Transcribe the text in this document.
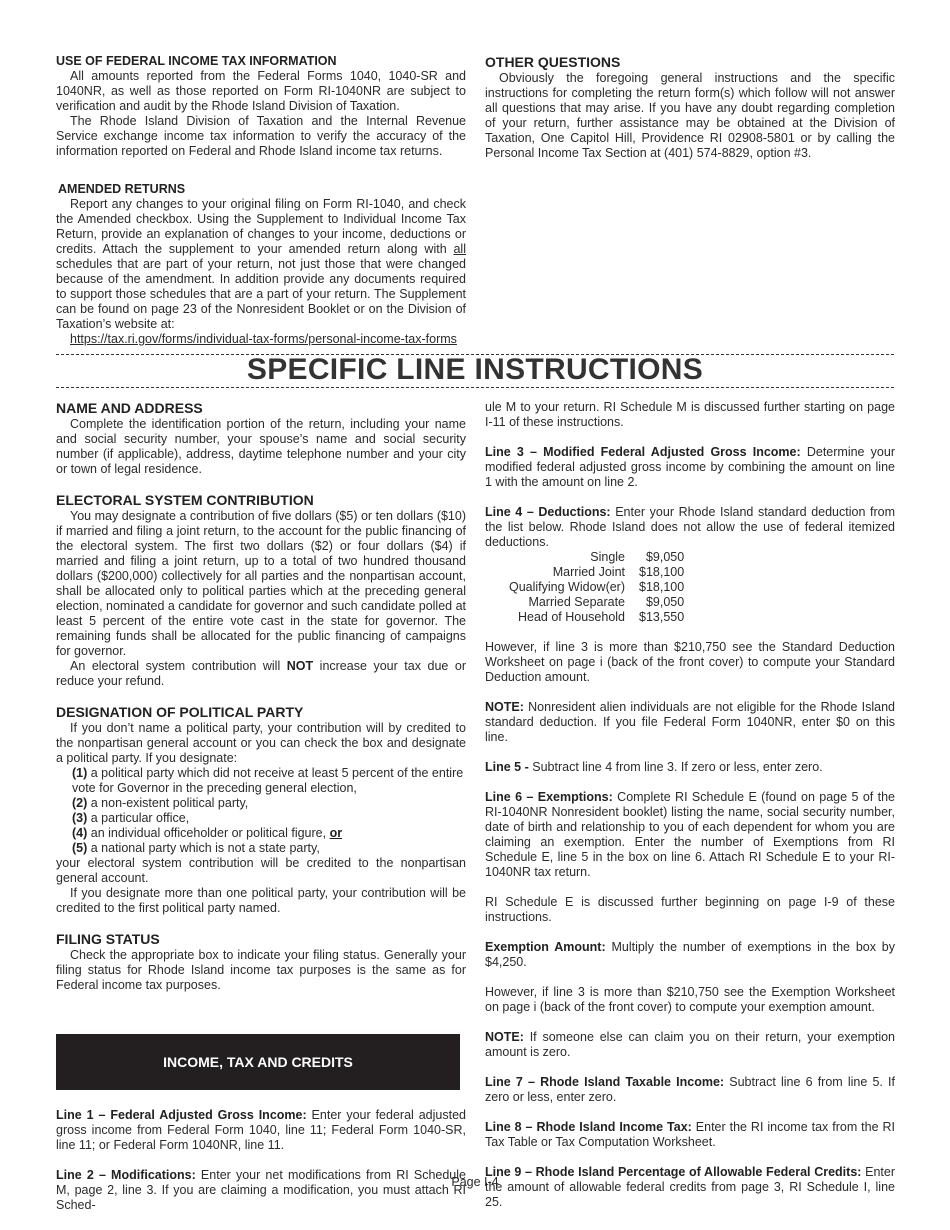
USE OF FEDERAL INCOME TAX INFORMATION

All amounts reported from the Federal Forms 1040, 1040-SR and 1040NR, as well as those reported on Form RI-1040NR are subject to verification and audit by the Rhode Island Division of Taxation.

The Rhode Island Division of Taxation and the Internal Revenue Service exchange income tax information to verify the accuracy of the information reported on Federal and Rhode Island income tax returns.

AMENDED RETURNS

Report any changes to your original filing on Form RI-1040, and check the Amended checkbox. Using the Supplement to Individual Income Tax Return, provide an explanation of changes to your income, deductions or credits. Attach the supplement to your amended return along with all schedules that are part of your return, not just those that were changed because of the amendment. In addition provide any documents required to support those schedules that are a part of your return. The Supplement can be found on page 23 of the Nonresident Booklet or on the Division of Taxation’s website at:

https://tax.ri.gov/forms/individual-tax-forms/personal-income-tax-forms

OTHER QUESTIONS

Obviously the foregoing general instructions and the specific instructions for completing the return form(s) which follow will not answer all questions that may arise. If you have any doubt regarding completion of your return, further assistance may be obtained at the Division of Taxation, One Capitol Hill, Providence RI 02908-5801 or by calling the Personal Income Tax Section at (401) 574-8829, option #3.

SPECIFIC LINE INSTRUCTIONS
NAME AND ADDRESS

Complete the identification portion of the return, including your name and social security number, your spouse’s name and social security number (if applicable), address, daytime telephone number and your city or town of legal residence.

ELECTORAL SYSTEM CONTRIBUTION

You may designate a contribution of five dollars ($5) or ten dollars ($10) if married and filing a joint return, to the account for the public financing of the electoral system. The first two dollars ($2) or four dollars ($4) if married and filing a joint return, up to a total of two hundred thousand dollars ($200,000) collectively for all parties and the nonpartisan account, shall be allocated only to political parties which at the preceding general election, nominated a candidate for governor and such candidate polled at least 5 percent of the entire vote cast in the state for governor. The remaining funds shall be allocated for the public financing of campaigns for governor.

An electoral system contribution will NOT increase your tax due or reduce your refund.

DESIGNATION OF POLITICAL PARTY

If you don’t name a political party, your contribution will by credited to the nonpartisan general account or you can check the box and designate a political party. If you designate:

(1) a political party which did not receive at least 5 percent of the entire
vote for Governor in the preceding general election,
(2) a non-existent political party,
(3) a particular office,
(4) an individual officeholder or political figure, or
(5) a national party which is not a state party,

your electoral system contribution will be credited to the nonpartisan general account.

If you designate more than one political party, your contribution will be credited to the first political party named.

FILING STATUS

Check the appropriate box to indicate your filing status. Generally your filing status for Rhode Island income tax purposes is the same as for Federal income tax purposes.

INCOME, TAX AND CREDITS

Line 1 – Federal Adjusted Gross Income: Enter your federal adjusted gross income from Federal Form 1040, line 11; Federal Form 1040-SR, line 11; or Federal Form 1040NR, line 11.

Line 2 – Modifications: Enter your net modifications from RI Schedule M, page 2, line 3. If you are claiming a modification, you must attach RI Sched-

ule M to your return. RI Schedule M is discussed further starting on page I-11 of these instructions.

Line 3 – Modified Federal Adjusted Gross Income: Determine your modified federal adjusted gross income by combining the amount on line 1 with the amount on line 2.

Line 4 – Deductions: Enter your Rhode Island standard deduction from the list below. Rhode Island does not allow the use of federal itemized deductions.

Single	$9,050
Married Joint	$18,100
Qualifying Widow(er)	$18,100
Married Separate	$9,050
Head of Household	$13,550

However, if line 3 is more than $210,750 see the Standard Deduction Worksheet on page i (back of the front cover) to compute your Standard Deduction amount.

NOTE: Nonresident alien individuals are not eligible for the Rhode Island standard deduction. If you file Federal Form 1040NR, enter $0 on this line.

Line 5 - Subtract line 4 from line 3. If zero or less, enter zero.

Line 6 – Exemptions: Complete RI Schedule E (found on page 5 of the RI-1040NR Nonresident booklet) listing the name, social security number, date of birth and relationship to you of each dependent for whom you are claiming an exemption. Enter the number of Exemptions from RI Schedule E, line 5 in the box on line 6. Attach RI Schedule E to your RI-1040NR tax return.

RI Schedule E is discussed further beginning on page I-9 of these instructions.

Exemption Amount: Multiply the number of exemptions in the box by $4,250.

However, if line 3 is more than $210,750 see the Exemption Worksheet on page i (back of the front cover) to compute your exemption amount.

NOTE: If someone else can claim you on their return, your exemption amount is zero.

Line 7 – Rhode Island Taxable Income: Subtract line 6 from line 5. If zero or less, enter zero.

Line 8 – Rhode Island Income Tax: Enter the RI income tax from the RI Tax Table or Tax Computation Worksheet.

Line 9 – Rhode Island Percentage of Allowable Federal Credits: Enter the amount of allowable federal credits from page 3, RI Schedule I, line 25.

Page I-4
